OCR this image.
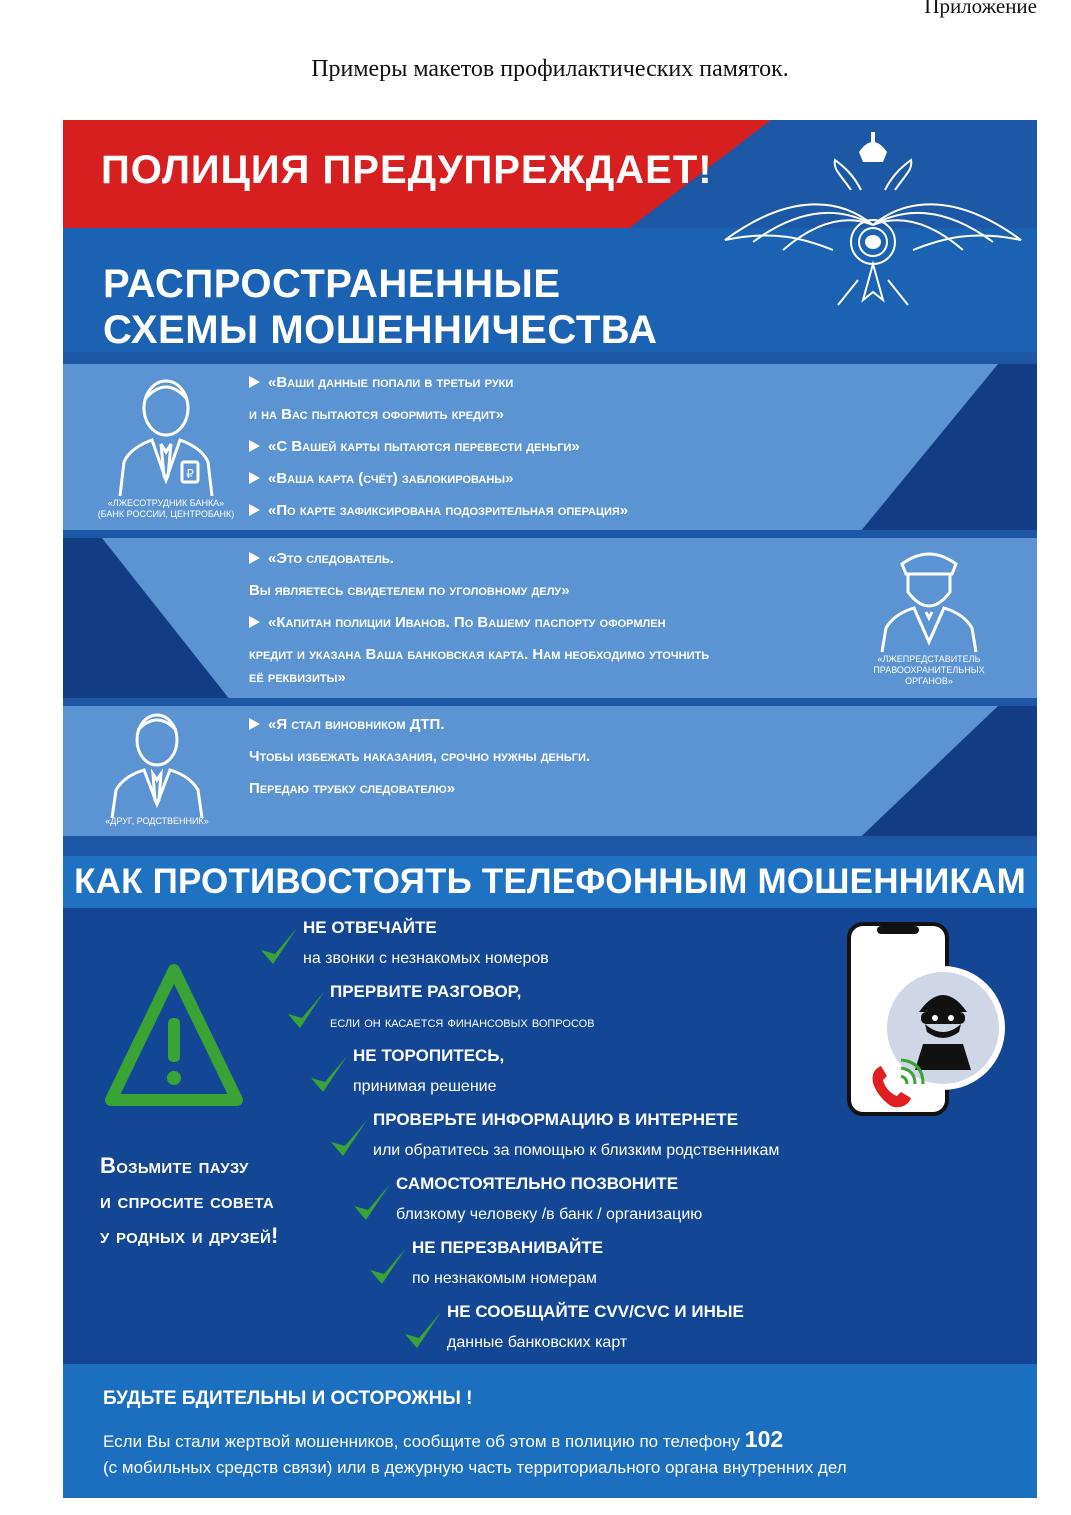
Приложение
Примеры макетов профилактических памяток.
РАСПРОСТРАНЕННЫЕ
СХЕМЫ МОШЕННИЧЕСТВА
ПОЛИЦИЯ ПРЕДУПРЕЖДАЕТ!
₽
«ЛЖЕСОТРУДНИК БАНКА» (БАНК РОССИИ, ЦЕНТРОБАНК)
«Ваши данные попали в третьи руки
и на Вас пытаются оформить кредит»
«С Вашей карты пытаются перевести деньги»
«Ваша карта (счёт) заблокированы»
«По карте зафиксирована подозрительная операция»
«Это следователь.
Вы являетесь свидетелем по уголовному делу»
«Капитан полиции Иванов. По Вашему паспорту оформлен
кредит и указана Ваша банковская карта. Нам необходимо уточнить
её реквизиты»
«ЛЖЕПРЕДСТАВИТЕЛЬ ПРАВООХРАНИТЕЛЬНЫХ ОРГАНОВ»
«ДРУГ, РОДСТВЕННИК»
«Я стал виновником ДТП.
Чтобы избежать наказания, срочно нужны деньги.
Передаю трубку следователю»
КАК ПРОТИВОСТОЯТЬ ТЕЛЕФОННЫМ МОШЕННИКАМ
Возьмите паузу
и спросите совета
у родных и друзей!
НЕ ОТВЕЧАЙТЕ
на звонки с незнакомых номеров
ПРЕРВИТЕ РАЗГОВОР,
если он касается финансовых вопросов
НЕ ТОРОПИТЕСЬ,
принимая решение
ПРОВЕРЬТЕ ИНФОРМАЦИЮ В ИНТЕРНЕТЕ
или обратитесь за помощью к близким родственникам
САМОСТОЯТЕЛЬНО ПОЗВОНИТЕ
близкому человеку /в банк / организацию
НЕ ПЕРЕЗВАНИВАЙТЕ
по незнакомым номерам
НЕ СООБЩАЙТЕ CVV/CVC И ИНЫЕ
данные банковских карт
БУДЬТЕ БДИТЕЛЬНЫ И ОСТОРОЖНЫ !
Если Вы стали жертвой мошенников, сообщите об этом в полицию по телефону 102
(с мобильных средств связи) или в дежурную часть территориального органа внутренних дел
